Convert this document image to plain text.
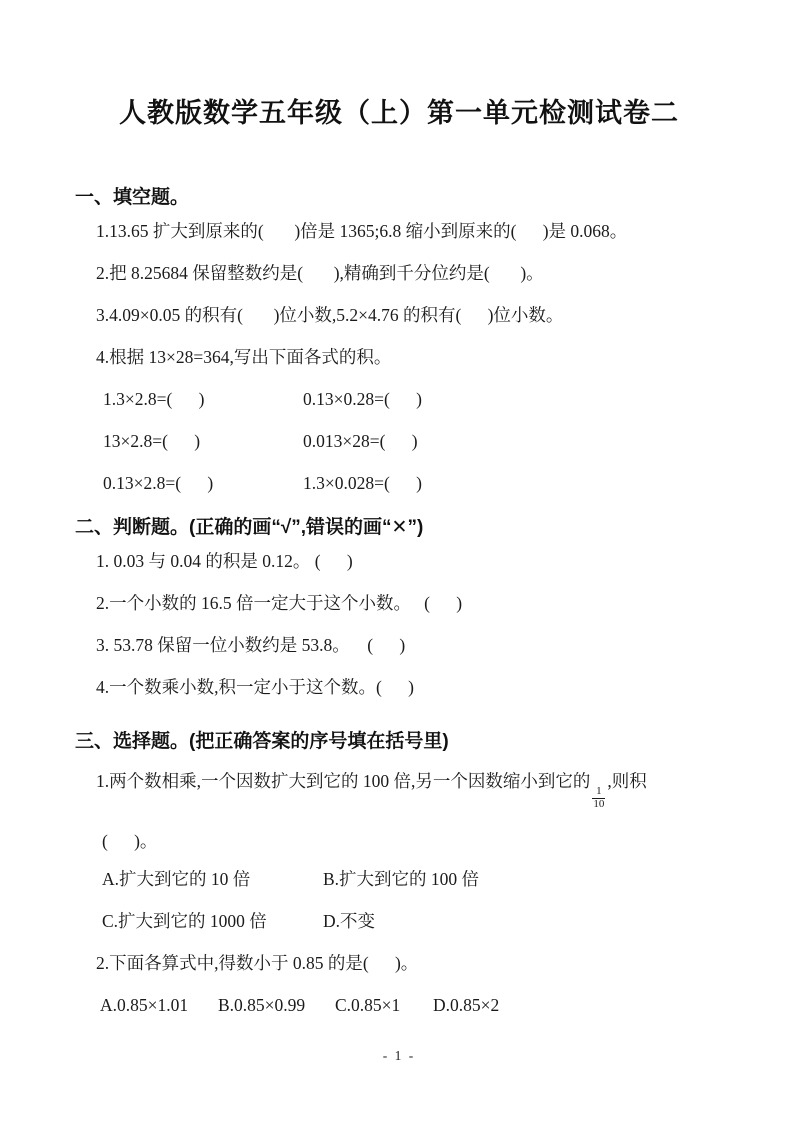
人教版数学五年级（上）第一单元检测试卷二
一、填空题。
1.13.65 扩大到原来的(       )倍是 1365;6.8 缩小到原来的(      )是 0.068。
2.把 8.25684 保留整数约是(       ),精确到千分位约是(       )。
3.4.09×0.05 的积有(       )位小数,5.2×4.76 的积有(      )位小数。
4.根据 13×28=364,写出下面各式的积。
1.3×2.8=(      )	0.13×0.28=(      )
13×2.8=(      )	0.013×28=(      )
0.13×2.8=(      )	1.3×0.028=(      )
二、判断题。(正确的画“√”,错误的画“✕”)
1. 0.03 与 0.04 的积是 0.12。 (      )
2.一个小数的 16.5 倍一定大于这个小数。   (      )
3. 53.78 保留一位小数约是 53.8。    (      )
4.一个数乘小数,积一定小于这个数。(      )
三、选择题。(把正确答案的序号填在括号里)
1.两个数相乘,一个因数扩大到它的 100 倍,另一个因数缩小到它的
$\frac{1}{10}$
,则积
(      )。
A.扩大到它的 10 倍	B.扩大到它的 100 倍
C.扩大到它的 1000 倍	D.不变
2.下面各算式中,得数小于 0.85 的是(      )。
A.0.85×1.01	B.0.85×0.99	C.0.85×1	D.0.85×2
- 1 -
